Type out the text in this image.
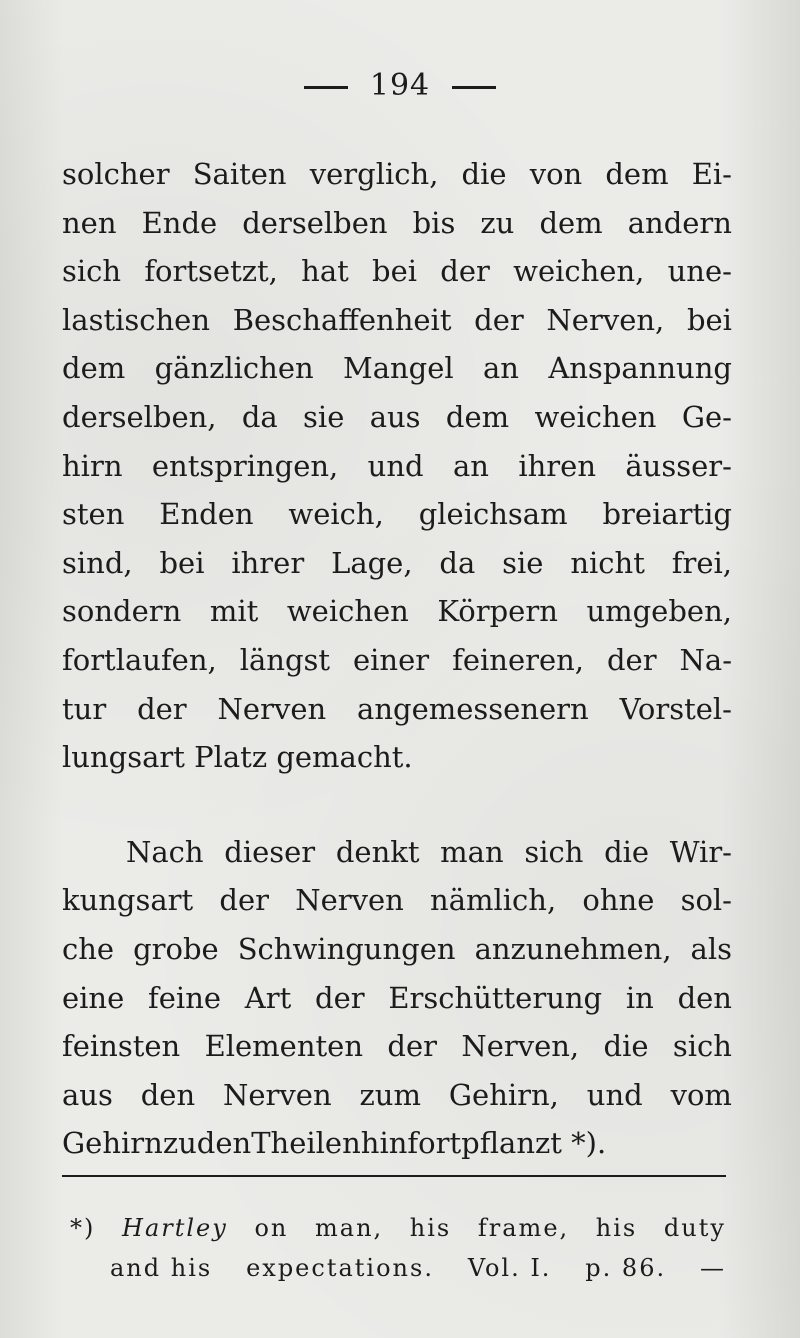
194
solcher Saiten verglich, die von dem Ei-
nen Ende derselben bis zu dem andern
sich fortsetzt, hat bei der weichen, une-
lastischen Beschaffenheit der Nerven, bei
dem gänzlichen Mangel an Anspannung
derselben, da sie aus dem weichen Ge-
hirn entspringen, und an ihren äusser-
sten Enden weich, gleichsam breiartig
sind, bei ihrer Lage, da sie nicht frei,
sondern mit weichen Körpern umgeben,
fortlaufen, längst einer feineren, der Na-
tur der Nerven angemessenern Vorstel-
lungsart Platz gemacht.
Nach dieser denkt man sich die Wir-
kungsart der Nerven nämlich, ohne sol-
che grobe Schwingungen anzunehmen, als
eine feine Art der Erschütterung in den
feinsten Elementen der Nerven, die sich
aus den Nerven zum Gehirn, und vom
Gehirn zu den Theilen hin fortpflanzt *).
*) Hartley on man, his frame, his duty
and his expectations. Vol. I. p. 86. —
